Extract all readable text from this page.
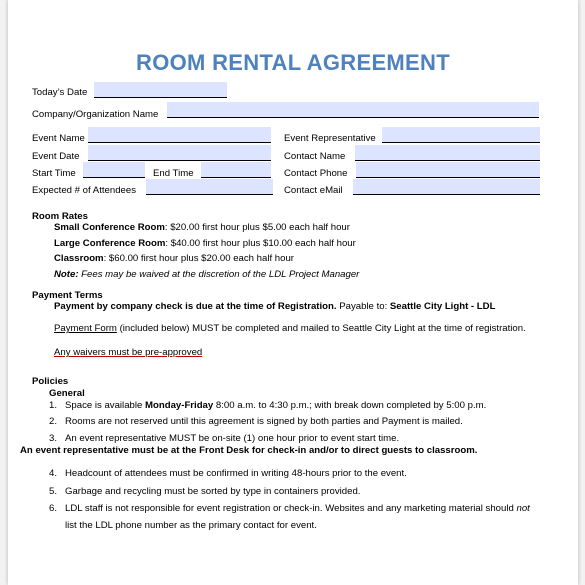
ROOM RENTAL AGREEMENT
Today’s Date
Company/Organization Name
Event Name	Event Representative
Event Date	Contact Name
Start Time	End Time	Contact Phone
Expected # of Attendees	Contact eMail
Room Rates
Small Conference Room: $20.00 first hour plus $5.00 each half hour
Large Conference Room: $40.00 first hour plus $10.00 each half hour
Classroom: $60.00 first hour plus $20.00 each half hour
Note: Fees may be waived at the discretion of the LDL Project Manager
Payment Terms
Payment by company check is due at the time of Registration. Payable to: Seattle City Light - LDL
Payment Form (included below) MUST be completed and mailed to Seattle City Light at the time of registration.
Any waivers must be pre-approved
Policies
General
1. Space is available Monday-Friday 8:00 a.m. to 4:30 p.m.; with break down completed by 5:00 p.m.
2. Rooms are not reserved until this agreement is signed by both parties and Payment is mailed.
3. An event representative MUST be on-site (1) one hour prior to event start time.
An event representative must be at the Front Desk for check-in and/or to direct guests to classroom.
4. Headcount of attendees must be confirmed in writing 48-hours prior to the event.
5. Garbage and recycling must be sorted by type in containers provided.
6. LDL staff is not responsible for event registration or check-in. Websites and any marketing material should not
list the LDL phone number as the primary contact for event.
